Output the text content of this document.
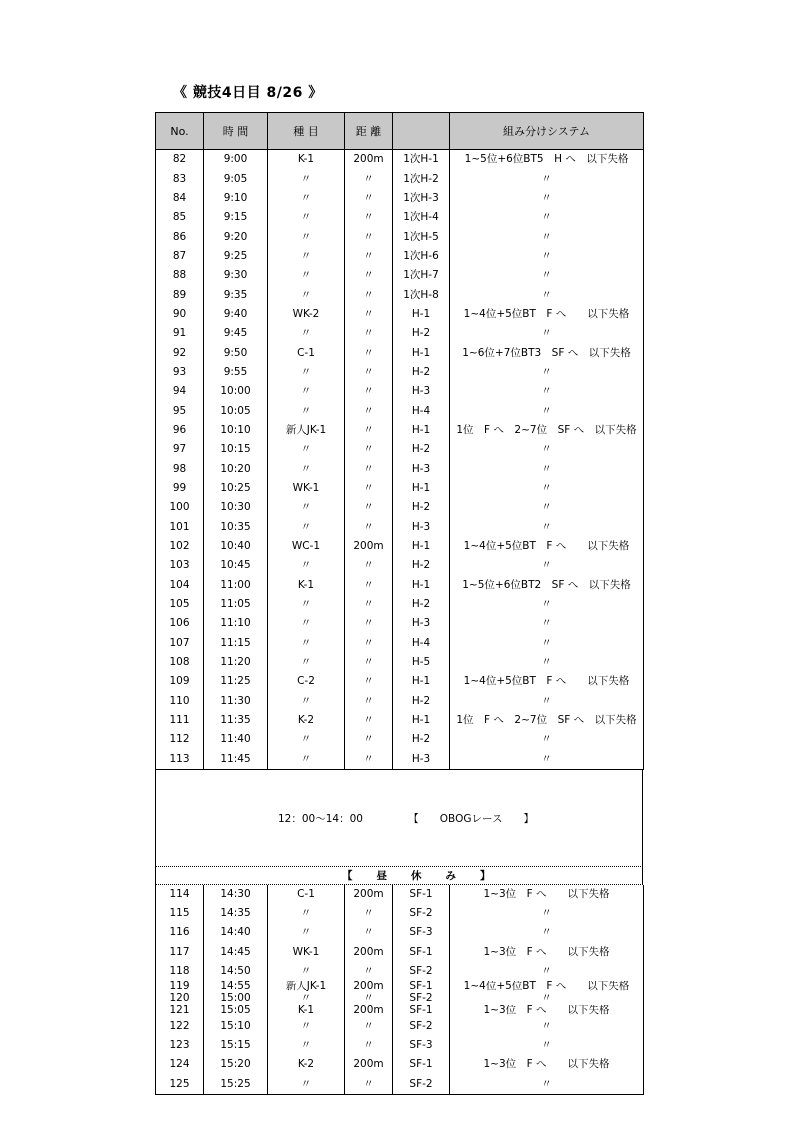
《 競技4日目 8/26 》
No.	時 間	種 目	距 離		組み分けシステム
82	9:00	K-1	200m	1次H-1	1~5位+6位BT5　H へ　以下失格
83	9:05	〃	〃	1次H-2	〃
84	9:10	〃	〃	1次H-3	〃
85	9:15	〃	〃	1次H-4	〃
86	9:20	〃	〃	1次H-5	〃
87	9:25	〃	〃	1次H-6	〃
88	9:30	〃	〃	1次H-7	〃
89	9:35	〃	〃	1次H-8	〃
90	9:40	WK-2	〃	H-1	1~4位+5位BT　F へ　　以下失格
91	9:45	〃	〃	H-2	〃
92	9:50	C-1	〃	H-1	1~6位+7位BT3　SF へ　以下失格
93	9:55	〃	〃	H-2	〃
94	10:00	〃	〃	H-3	〃
95	10:05	〃	〃	H-4	〃
96	10:10	新人JK-1	〃	H-1	1位　F へ　2~7位　SF へ　以下失格
97	10:15	〃	〃	H-2	〃
98	10:20	〃	〃	H-3	〃
99	10:25	WK-1	〃	H-1	〃
100	10:30	〃	〃	H-2	〃
101	10:35	〃	〃	H-3	〃
102	10:40	WC-1	200m	H-1	1~4位+5位BT　F へ　　以下失格
103	10:45	〃	〃	H-2	〃
104	11:00	K-1	〃	H-1	1~5位+6位BT2　SF へ　以下失格
105	11:05	〃	〃	H-2	〃
106	11:10	〃	〃	H-3	〃
107	11:15	〃	〃	H-4	〃
108	11:20	〃	〃	H-5	〃
109	11:25	C-2	〃	H-1	1~4位+5位BT　F へ　　以下失格
110	11:30	〃	〃	H-2	〃
111	11:35	K-2	〃	H-1	1位　F へ　2~7位　SF へ　以下失格
112	11:40	〃	〃	H-2	〃
113	11:45	〃	〃	H-3	〃
12：00～14：00	【　　OBOGレース　　】
【　　昼　　休　　み　　】
114	14:30	C-1	200m	SF-1	1~3位　F へ　　以下失格
115	14:35	〃	〃	SF-2	〃
116	14:40	〃	〃	SF-3	〃
117	14:45	WK-1	200m	SF-1	1~3位　F へ　　以下失格
118	14:50	〃	〃	SF-2	〃
119	14:55	新人JK-1	200m	SF-1	1~4位+5位BT　F へ　　以下失格
120	15:00	〃	〃	SF-2	〃
121	15:05	K-1	200m	SF-1	1~3位　F へ　　以下失格
122	15:10	〃	〃	SF-2	〃
123	15:15	〃	〃	SF-3	〃
124	15:20	K-2	200m	SF-1	1~3位　F へ　　以下失格
125	15:25	〃	〃	SF-2	〃
